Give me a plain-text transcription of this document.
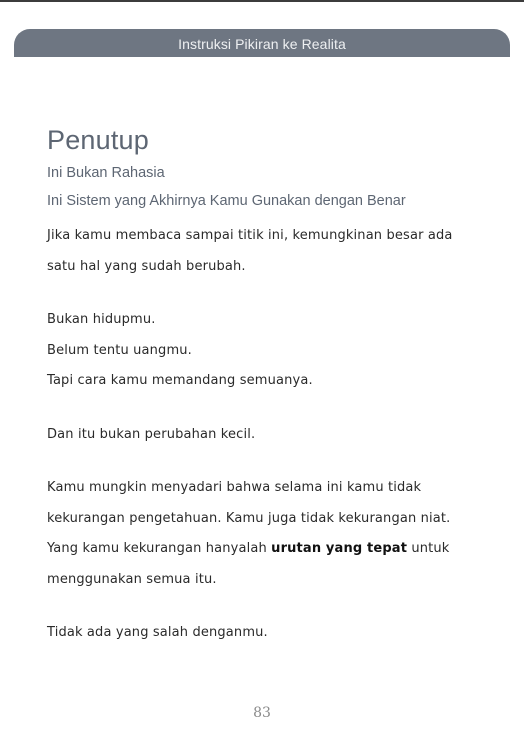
Instruksi Pikiran ke Realita
Penutup

Ini Bukan Rahasia

Ini Sistem yang Akhirnya Kamu Gunakan dengan Benar

Jika kamu membaca sampai titik ini, kemungkinan besar ada

satu hal yang sudah berubah.

Bukan hidupmu.

Belum tentu uangmu.

Tapi cara kamu memandang semuanya.

Dan itu bukan perubahan kecil.

Kamu mungkin menyadari bahwa selama ini kamu tidak

kekurangan pengetahuan. Kamu juga tidak kekurangan niat.

Yang kamu kekurangan hanyalah urutan yang tepat untuk

menggunakan semua itu.

Tidak ada yang salah denganmu.

83
